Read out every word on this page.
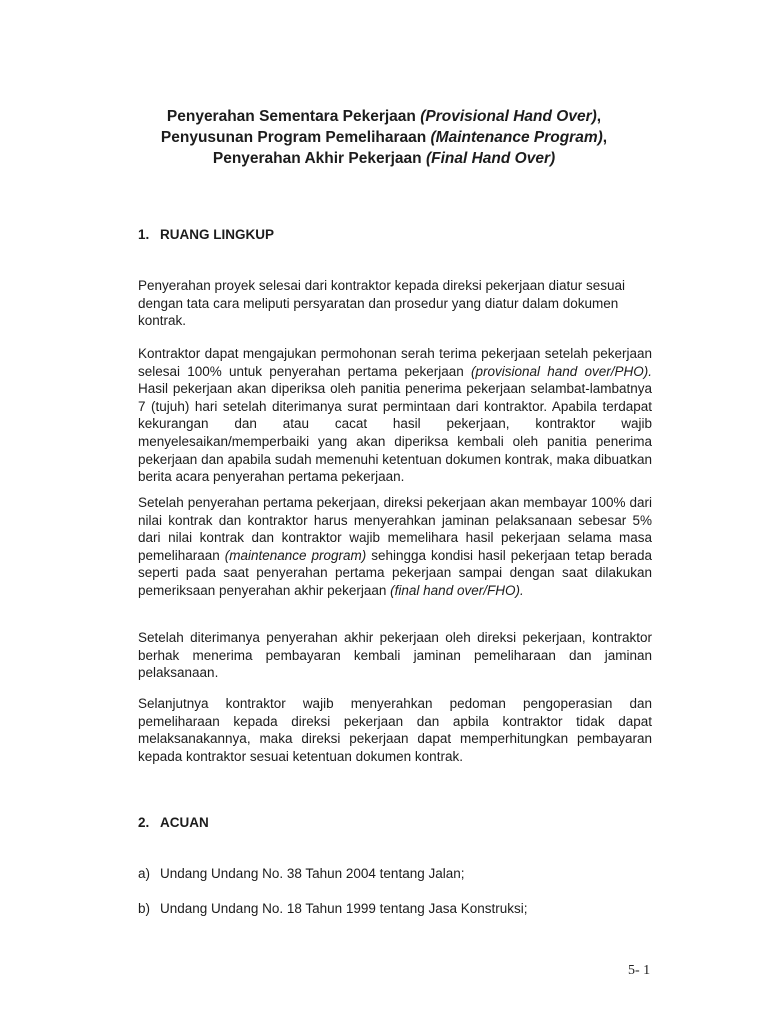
Penyerahan Sementara Pekerjaan (Provisional Hand Over),
Penyusunan Program Pemeliharaan (Maintenance Program),
Penyerahan Akhir Pekerjaan (Final Hand Over)
1. RUANG LINGKUP
Penyerahan proyek selesai dari kontraktor kepada direksi pekerjaan diatur sesuai dengan tata cara meliputi persyaratan dan prosedur yang diatur dalam dokumen kontrak.
Kontraktor dapat mengajukan permohonan serah terima pekerjaan setelah pekerjaan selesai 100% untuk penyerahan pertama pekerjaan (provisional hand over/PHO). Hasil pekerjaan akan diperiksa oleh panitia penerima pekerjaan selambat-lambatnya 7 (tujuh) hari setelah diterimanya surat permintaan dari kontraktor. Apabila terdapat kekurangan dan atau cacat hasil pekerjaan, kontraktor wajib menyelesaikan/memperbaiki yang akan diperiksa kembali oleh panitia penerima pekerjaan dan apabila sudah memenuhi ketentuan dokumen kontrak, maka dibuatkan berita acara penyerahan pertama pekerjaan.
Setelah penyerahan pertama pekerjaan, direksi pekerjaan akan membayar 100% dari nilai kontrak dan kontraktor harus menyerahkan jaminan pelaksanaan sebesar 5% dari nilai kontrak dan kontraktor wajib memelihara hasil pekerjaan selama masa pemeliharaan (maintenance program) sehingga kondisi hasil pekerjaan tetap berada seperti pada saat penyerahan pertama pekerjaan sampai dengan saat dilakukan pemeriksaan penyerahan akhir pekerjaan (final hand over/FHO).
Setelah diterimanya penyerahan akhir pekerjaan oleh direksi pekerjaan, kontraktor berhak menerima pembayaran kembali jaminan pemeliharaan dan jaminan pelaksanaan.
Selanjutnya kontraktor wajib menyerahkan pedoman pengoperasian dan pemeliharaan kepada direksi pekerjaan dan apbila kontraktor tidak dapat melaksanakannya, maka direksi pekerjaan dapat memperhitungkan pembayaran kepada kontraktor sesuai ketentuan dokumen kontrak.
2. ACUAN
a) Undang Undang No. 38 Tahun 2004 tentang Jalan;
b) Undang Undang No. 18 Tahun 1999 tentang Jasa Konstruksi;
5- 1
